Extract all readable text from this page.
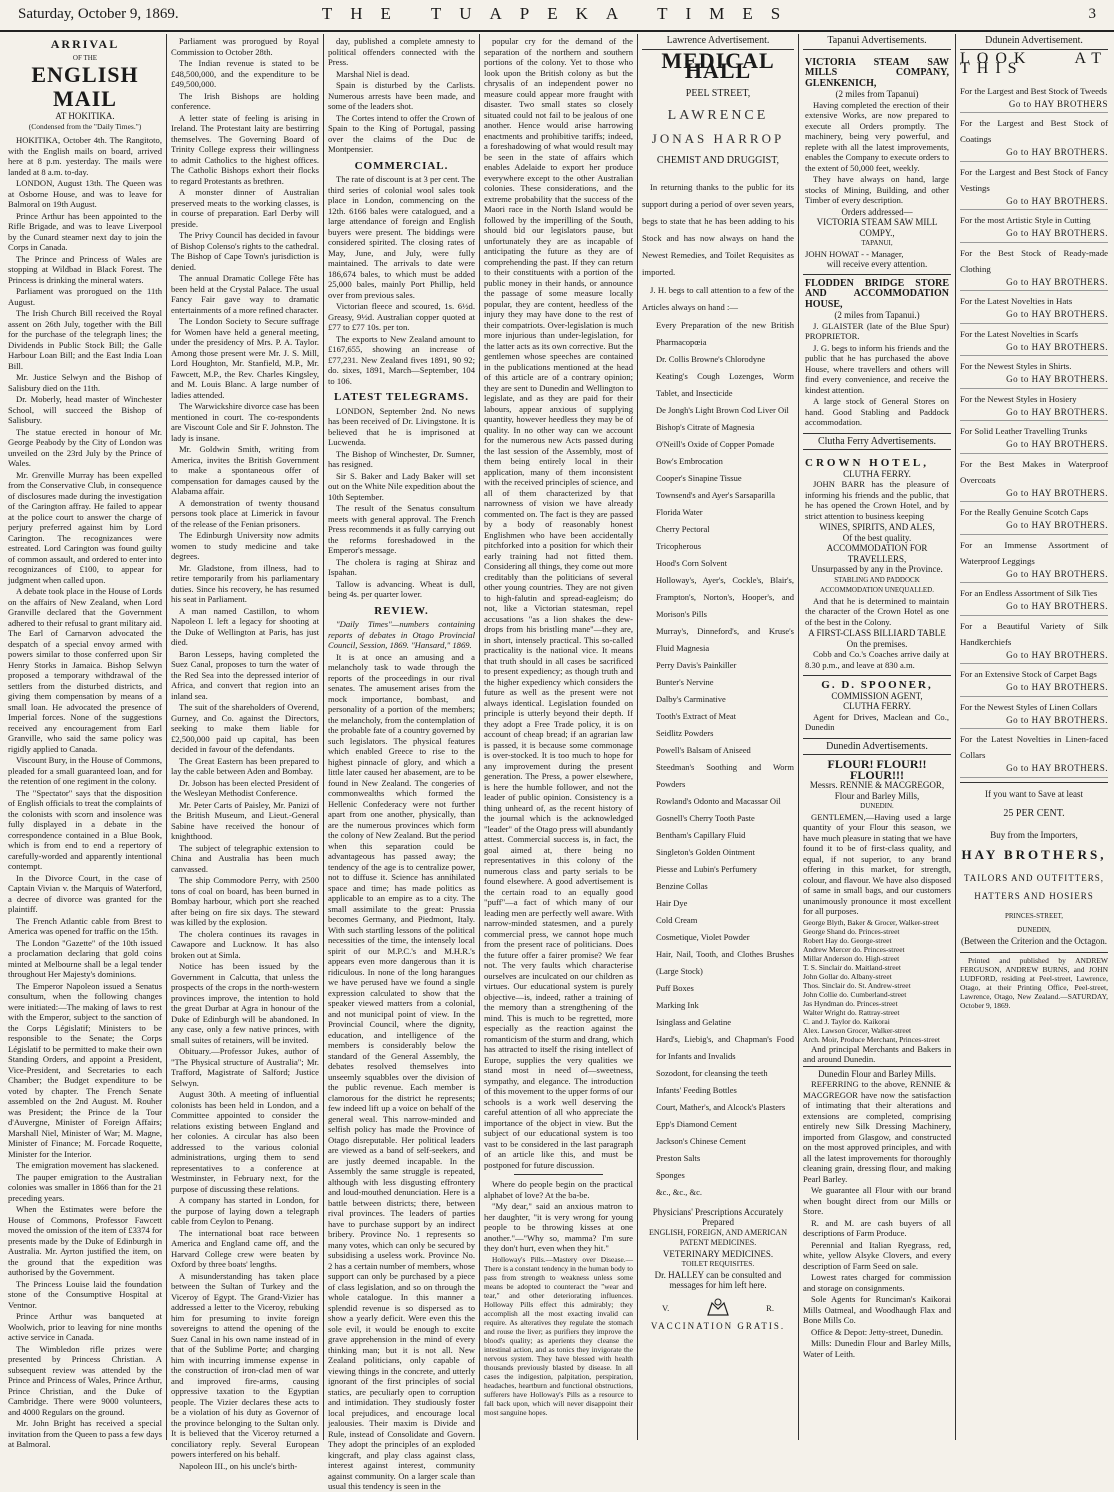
Saturday, October 9, 1869.	THE TUAPEKA TIMES	3
ARRIVAL
OF THE
ENGLISH MAIL
AT HOKITIKA.
(Condensed from the "Daily Times.")

HOKITIKA, October 4th. The Rangitoto, with the English mails on board, arrived here at 8 p.m. yesterday. The mails were landed at 8 a.m. to-day.

LONDON, August 13th. The Queen was at Osborne House, and was to leave for Balmoral on 19th August.

Prince Arthur has been appointed to the Rifle Brigade, and was to leave Liverpool by the Cunard steamer next day to join the Corps in Canada.

The Prince and Princess of Wales are stopping at Wildbad in Black Forest. The Princess is drinking the mineral waters.

Parliament was prorogued on the 11th August.

The Irish Church Bill received the Royal assent on 26th July, together with the Bill for the purchase of the telegraph lines; the Dividends in Public Stock Bill; the Galle Harbour Loan Bill; and the East India Loan Bill.

Mr. Justice Selwyn and the Bishop of Salisbury died on the 11th.

Dr. Moberly, head master of Winchester School, will succeed the Bishop of Salisbury.

The statue erected in honour of Mr. George Peabody by the City of London was unveiled on the 23rd July by the Prince of Wales.

Mr. Grenville Murray has been expelled from the Conservative Club, in consequence of disclosures made during the investigation of the Carington affray. He failed to appear at the police court to answer the charge of perjury preferred against him by Lord Carington. The recognizances were estreated. Lord Carington was found guilty of common assault, and ordered to enter into recognizances of £100, to appear for judgment when called upon.

A debate took place in the House of Lords on the affairs of New Zealand, when Lord Granville declared that the Government adhered to their refusal to grant military aid. The Earl of Carnarvon advocated the despatch of a special envoy armed with powers similar to those conferred upon Sir Henry Storks in Jamaica. Bishop Selwyn proposed a temporary withdrawal of the settlers from the disturbed districts, and giving them compensation by means of a small loan. He advocated the presence of Imperial forces. None of the suggestions received any encouragement from Earl Granville, who said the same policy was rigidly applied to Canada.

Viscount Bury, in the House of Commons, pleaded for a small guaranteed loan, and for the retention of one regiment in the colony.

The "Spectator" says that the disposition of English officials to treat the complaints of the colonists with scorn and insolence was fully displayed in a debate in the correspondence contained in a Blue Book, which is from end to end a repertory of carefully-worded and apparently intentional contempt.

In the Divorce Court, in the case of Captain Vivian v. the Marquis of Waterford, a decree of divorce was granted for the plaintiff.

The French Atlantic cable from Brest to America was opened for traffic on the 15th.

The London "Gazette" of the 10th issued a proclamation declaring that gold coins minted at Melbourne shall be a legal tender throughout Her Majesty's dominions.

The Emperor Napoleon issued a Senatus consultum, when the following changes were initiated:—The making of laws to rest with the Emperor, subject to the sanction of the Corps Législatif; Ministers to be responsible to the Senate; the Corps Législatif to be permitted to make their own Standing Orders, and appoint a President, Vice-President, and Secretaries to each Chamber; the Budget expenditure to be voted by chapter. The French Senate assembled on the 2nd August. M. Rouher was President; the Prince de la Tour d'Auvergne, Minister of Foreign Affairs; Marshall Niel, Minister of War; M. Magne, Minister of Finance; M. Forcade Roquette, Minister for the Interior.

The emigration movement has slackened.

The pauper emigration to the Australian colonies was smaller in 1866 than for the 21 preceding years.

When the Estimates were before the House of Commons, Professor Fawcett moved the omission of the item of £3374 for presents made by the Duke of Edinburgh in Australia. Mr. Ayrton justified the item, on the ground that the expedition was authorised by the Government.

The Princess Louise laid the foundation stone of the Consumptive Hospital at Ventnor.

Prince Arthur was banqueted at Woolwich, prior to leaving for nine months active service in Canada.

The Wimbledon rifle prizes were presented by Princess Christian. A subsequent review was attended by the Prince and Princess of Wales, Prince Arthur, Prince Christian, and the Duke of Cambridge. There were 9000 volunteers, and 4000 Regulars on the ground.

Mr. John Bright has received a special invitation from the Queen to pass a few days at Balmoral.

Parliament was prorogued by Royal Commission to October 28th.

The Indian revenue is stated to be £48,500,000, and the expenditure to be £49,500,000.

The Irish Bishops are holding conference.

A letter state of feeling is arising in Ireland. The Protestant laity are bestirring themselves. The Governing Board of Trinity College express their willingness to admit Catholics to the highest offices. The Catholic Bishops exhort their flocks to regard Protestants as brethren.

A monster dinner of Australian preserved meats to the working classes, is in course of preparation. Earl Derby will preside.

The Privy Council has decided in favour of Bishop Colenso's rights to the cathedral. The Bishop of Cape Town's jurisdiction is denied.

The annual Dramatic College Fête has been held at the Crystal Palace. The usual Fancy Fair gave way to dramatic entertainments of a more refined character.

The London Society to Secure suffrage for Women have held a general meeting, under the presidency of Mrs. P. A. Taylor. Among those present were Mr. J. S. Mill, Lord Houghton, Mr. Stanfield, M.P., Mr. Fawcett, M.P., the Rev. Charles Kingsley, and M. Louis Blanc. A large number of ladies attended.

The Warwickshire divorce case has been mentioned in court. The co-respondents are Viscount Cole and Sir F. Johnston. The lady is insane.

Mr. Goldwin Smith, writing from America, invites the British Government to make a spontaneous offer of compensation for damages caused by the Alabama affair.

A demonstration of twenty thousand persons took place at Limerick in favour of the release of the Fenian prisoners.

The Edinburgh University now admits women to study medicine and take degrees.

Mr. Gladstone, from illness, had to retire temporarily from his parliamentary duties. Since his recovery, he has resumed his seat in Parliament.

A man named Castillon, to whom Napoleon I. left a legacy for shooting at the Duke of Wellington at Paris, has just died.

Baron Lesseps, having completed the Suez Canal, proposes to turn the water of the Red Sea into the depressed interior of Africa, and convert that region into an inland sea.

The suit of the shareholders of Overend, Gurney, and Co. against the Directors, seeking to make them liable for £2,500,000 paid up capital, has been decided in favour of the defendants.

The Great Eastern has been prepared to lay the cable between Aden and Bombay.

Dr. Jobson has been elected President of the Wesleyan Methodist Conference.

Mr. Peter Carts of Paisley, Mr. Panizi of the British Museum, and Lieut.-General Sabine have received the honour of knighthood.

The subject of telegraphic extension to China and Australia has been much canvassed.

The ship Commodore Perry, with 2500 tons of coal on board, has been burned in Bombay harbour, which port she reached after being on fire six days. The steward was killed by the explosion.

The cholera continues its ravages in Cawapore and Lucknow. It has also broken out at Simla.

Notice has been issued by the Government in Calcutta, that unless the prospects of the crops in the north-western provinces improve, the intention to hold the great Durbar at Agra in honour of the Duke of Edinburgh will be abandoned. In any case, only a few native princes, with small suites of retainers, will be invited.

Obituary.—Professor Jukes, author of "The Physical structure of Australia"; Mr. Trafford, Magistrate of Salford; Justice Selwyn.

August 30th. A meeting of influential colonists has been held in London, and a Committee appointed to consider the relations existing between England and her colonies. A circular has also been addressed to the various colonial administrations, urging them to send representatives to a conference at Westminster, in February next, for the purpose of discussing these relations.

A company has started in London, for the purpose of laying down a telegraph cable from Ceylon to Penang.

The international boat race between America and England came off, and the Harvard College crew were beaten by Oxford by three boats' lengths.

A misunderstanding has taken place between the Sultan of Turkey and the Viceroy of Egypt. The Grand-Vizier has addressed a letter to the Viceroy, rebuking him for presuming to invite foreign sovereigns to attend the opening of the Suez Canal in his own name instead of in that of the Sublime Porte; and charging him with incurring immense expense in the construction of iron-clad men of war and improved fire-arms, causing oppressive taxation to the Egyptian people. The Vizier declares these acts to be a violation of his duty as Governor of the province belonging to the Sultan only. It is believed that the Viceroy returned a conciliatory reply. Several European powers interfered on his behalf.

Napoleon III., on his uncle's birth-

day, published a complete amnesty to political offenders connected with the Press.

Marshal Niel is dead.

Spain is disturbed by the Carlists. Numerous arrests have been made, and some of the leaders shot.

The Cortes intend to offer the Crown of Spain to the King of Portugal, passing over the claims of the Duc de Montpensier.

COMMERCIAL.

The rate of discount is at 3 per cent. The third series of colonial wool sales took place in London, commencing on the 12th. 6166 bales were catalogued, and a large attendance of foreign and English buyers were present. The biddings were considered spirited. The closing rates of May, June, and July, were fully maintained. The arrivals to date were 186,674 bales, to which must be added 25,000 bales, mainly Port Phillip, held over from previous sales.

Victorian fleece and scoured, 1s. 6½d. Greasy, 9½d. Australian copper quoted at £77 to £77 10s. per ton.

The exports to New Zealand amount to £167,655, showing an increase of £77,231. New Zealand fives 1891, 90 92; do. sixes, 1891, March—September, 104 to 106.

LATEST TELEGRAMS.

LONDON, September 2nd. No news has been received of Dr. Livingstone. It is believed that he is imprisoned at Lucwenda.

The Bishop of Winchester, Dr. Sumner, has resigned.

Sir S. Baker and Lady Baker will set out on the White Nile expedition about the 10th September.

The result of the Senatus consultum meets with general approval. The French Press recommends it as fully carrying out the reforms foreshadowed in the Emperor's message.

The cholera is raging at Shiraz and Ispahan.

Tallow is advancing. Wheat is dull, being 4s. per quarter lower.

REVIEW.

"Daily Times"—numbers containing reports of debates in Otago Provincial Council, Session, 1869. "Hansard," 1869.

It is at once an amusing and a melancholy task to wade through the reports of the proceedings in our rival senates. The amusement arises from the mock importance, bombast, and personality of a portion of the members; the melancholy, from the contemplation of the probable fate of a country governed by such legislators. The physical features which enabled Greece to rise to the highest pinnacle of glory, and which a little later caused her abasement, are to be found in New Zealand. The congeries of commonwealths which formed the Hellenic Confederacy were not further apart from one another, physically, than are the numerous provinces which form the colony of New Zealand. But the period when this separation could be advantageous has passed away; the tendency of the age is to centralize power, not to diffuse it. Science has annihilated space and time; has made politics as applicable to an empire as to a city. The small assimilate to the great: Prussia becomes Germany, and Piedmont, Italy. With such startling lessons of the political necessities of the time, the intensely local spirit of our M.P.C.'s and M.H.R.'s appears even more dangerous than it is ridiculous. In none of the long harangues we have perused have we found a single expression calculated to show that the speaker viewed matters from a colonial, and not municipal point of view. In the Provincial Council, where the dignity, education, and intelligence of the members is considerably below the standard of the General Assembly, the debates resolved themselves into unseemly squabbles over the division of the public revenue. Each member is clamorous for the district he represents; few indeed lift up a voice on behalf of the general weal. This narrow-minded and selfish policy has made the Province of Otago disreputable. Her political leaders are viewed as a band of self-seekers, and are justly deemed incapable. In the Assembly the same struggle is repeated, although with less disgusting effrontery and loud-mouthed denunciation. Here is a battle between districts; there, between rival provinces. The leaders of parties have to purchase support by an indirect bribery. Province No. 1 represents so many votes, which can only be secured by subsidising a useless work. Province No. 2 has a certain number of members, whose support can only be purchased by a piece of class legislation, and so on through the whole catalogue. In this manner a splendid revenue is so dispersed as to show a yearly deficit. Were even this the sole evil, it would be enough to excite grave apprehension in the mind of every thinking man; but it is not all. New Zealand politicians, only capable of viewing things in the concrete, and utterly ignorant of the first principles of social statics, are peculiarly open to corruption and intimidation. They studiously foster local prejudices, and encourage local jealousies. Their maxim is Divide and Rule, instead of Consolidate and Govern. They adopt the principles of an exploded kingcraft, and play class against class, interest against interest, community against community. On a larger scale than usual this tendency is seen in the

popular cry for the demand of the separation of the northern and southern portions of the colony. Yet to those who look upon the British colony as but the chrysalis of an independent power no measure could appear more fraught with disaster. Two small states so closely situated could not fail to be jealous of one another. Hence would arise harrowing enactments and prohibitive tariffs; indeed, a foreshadowing of what would result may be seen in the state of affairs which enables Adelaide to export her produce everywhere except to the other Australian colonies. These considerations, and the extreme probability that the success of the Maori race in the North Island would be followed by the imperilling of the South, should bid our legislators pause, but unfortunately they are as incapable of anticipating the future as they are of comprehending the past. If they can return to their constituents with a portion of the public money in their hands, or announce the passage of some measure locally popular, they are content, heedless of the injury they may have done to the rest of their compatriots. Over-legislation is much more injurious than under-legislation, for the latter acts as its own corrective. But the gentlemen whose speeches are contained in the publications mentioned at the head of this article are of a contrary opinion; they are sent to Dunedin and Wellington to legislate, and as they are paid for their labours, appear anxious of supplying quantity, however heedless they may be of quality. In no other way can we account for the numerous new Acts passed during the last session of the Assembly, most of them being entirely local in their application, many of them inconsistent with the received principles of science, and all of them characterized by that narrowness of vision we have already commented on. The fact is they are passed by a body of reasonably honest Englishmen who have been accidentally pitchforked into a position for which their early training had not fitted them. Considering all things, they come out more creditably than the politicians of several other young countries. They are not given to high-falutin and spread-eagleism; do not, like a Victorian statesman, repel accusations "as a lion shakes the dew-drops from his bristling mane"—they are, in short, intensely practical. This so-called practicality is the national vice. It means that truth should in all cases be sacrificed to present expediency; as though truth and the higher expediency which considers the future as well as the present were not always identical. Legislation founded on principle is utterly beyond their depth. If they adopt a Free Trade policy, it is on account of cheap bread; if an agrarian law is passed, it is because some commonage is over-stocked. It is too much to hope for any improvement during the present generation. The Press, a power elsewhere, is here the humble follower, and not the leader of public opinion. Consistency is a thing unheard of, as the recent history of the journal which is the acknowledged "leader" of the Otago press will abundantly attest. Commercial success is, in fact, the goal aimed at, there being no representatives in this colony of the numerous class and party serials to be found elsewhere. A good advertisement is the certain road to an equally good "puff"—a fact of which many of our leading men are perfectly well aware. With narrow-minded statesmen, and a purely commercial press, we cannot hope much from the present race of politicians. Does the future offer a fairer promise? We fear not. The very faults which characterise ourselves are inculcated on our children as virtues. Our educational system is purely objective—is, indeed, rather a training of the memory than a strengthening of the mind. This is much to be regretted, more especially as the reaction against the romanticism of the sturm and drang, which has attracted to itself the rising intellect of Europe, supplies the very qualities we stand most in need of—sweetness, sympathy, and elegance. The introduction of this movement to the upper forms of our schools is a work well deserving the careful attention of all who appreciate the importance of the object in view. But the subject of our educational system is too vast to be considered in the last paragraph of an article like this, and must be postponed for future discussion.

Where do people begin on the practical alphabet of love? At the ba-be.

"My dear," said an anxious matron to her daughter, "it is very wrong for young people to be throwing kisses at one another."—"Why so, mamma? I'm sure they don't hurt, even when they hit."

Holloway's Pills.—Mastery over Disease.—There is a constant tendency in the human body to pass from strength to weakness unless some means be adopted to counteract the "wear and tear," and other deteriorating influences. Holloway Pills effect this admirably; they accomplish all the most exacting invalid can require. As alteratives they regulate the stomach and rouse the liver; as purifiers they improve the blood's quality; as aperients they cleanse the intestinal action, and as tonics they invigorate the nervous system. They have blessed with health thousands previously blasted by disease. In all cases the indigestion, palpitation, perspiration, headaches, heartburn and functional obstructions, sufferers have Holloway's Pills as a resource to fall back upon, which will never disappoint their most sanguine hopes.

Lawrence Advertisement.
MEDICAL HALL
PEEL STREET,
LAWRENCE
JONAS HARROP
CHEMIST AND DRUGGIST,

In returning thanks to the public for its support during a period of over seven years, begs to state that he has been adding to his Stock and has now always on hand the Newest Remedies, and Toilet Requisites as imported.

J. H. begs to call attention to a few of the Articles always on hand :—

Every Preparation of the new British Pharmacopœia
Dr. Collis Browne's Chlorodyne
Keating's Cough Lozenges, Worm Tablet, and Insecticide
De Jongh's Light Brown Cod Liver Oil
Bishop's Citrate of Magnesia
O'Neill's Oxide of Copper Pomade
Bow's Embrocation
Cooper's Sinapine Tissue
Townsend's and Ayer's Sarsaparilla
Florida Water
Cherry Pectoral
Tricopherous
Hood's Corn Solvent
Holloway's, Ayer's, Cockle's, Blair's, Frampton's, Norton's, Hooper's, and Morison's Pills
Murray's, Dinneford's, and Kruse's Fluid Magnesia
Perry Davis's Painkiller
Bunter's Nervine
Dalby's Carminative
Tooth's Extract of Meat
Seidlitz Powders
Powell's Balsam of Aniseed
Steedman's Soothing and Worm Powders
Rowland's Odonto and Macassar Oil
Gosnell's Cherry Tooth Paste
Bentham's Capillary Fluid
Singleton's Golden Ointment
Piesse and Lubin's Perfumery
Benzine Collas
Hair Dye
Cold Cream
Cosmetique, Violet Powder
Hair, Nail, Tooth, and Clothes Brushes (Large Stock)
Puff Boxes
Marking Ink
Isinglass and Gelatine
Hard's, Liebig's, and Chapman's Food for Infants and Invalids
Sozodont, for cleansing the teeth
Infants' Feeding Bottles
Court, Mather's, and Alcock's Plasters
Epp's Diamond Cement
Jackson's Chinese Cement
Preston Salts
Sponges
&c., &c., &c.
Physicians' Prescriptions Accurately Prepared
ENGLISH, FOREIGN, AND AMERICAN PATENT MEDICINES.
VETERINARY MEDICINES.
TOILET REQUISITES.
Dr. HALLEY can be consulted and messages for him left here.
V.	R.
VACCINATION GRATIS.
Tapanui Advertisements.
VICTORIA STEAM SAW MILLS COMPANY, GLENKENICH,
(2 miles from Tapanui)

Having completed the erection of their extensive Works, are now prepared to execute all Orders promptly. The machinery, being very powerful, and replete with all the latest improvements, enables the Company to execute orders to the extent of 50,000 feet, weekly.

They have always on hand, large stocks of Mining, Building, and other Timber of every description.

Orders addressed—
VICTORIA STEAM SAW MILL COMPY.,
TAPANUI,
JOHN HOWAT - - Manager,
will receive every attention.
FLODDEN BRIDGE STORE AND ACCOMMODATION HOUSE,
(2 miles from Tapanui.)

J. GLAISTER (late of the Blue Spur) PROPRIETOR.

J. G. begs to inform his friends and the public that he has purchased the above House, where travellers and others will find every convenience, and receive the kindest attention.

A large stock of General Stores on hand. Good Stabling and Paddock accommodation.

Clutha Ferry Advertisements.
CROWN HOTEL,
CLUTHA FERRY.

JOHN BARR has the pleasure of informing his friends and the public, that he has opened the Crown Hotel, and by strict attention to business keeping

WINES, SPIRITS, AND ALES,
Of the best quality.
ACCOMMODATION FOR TRAVELLERS,
Unsurpassed by any in the Province.
STABLING AND PADDOCK ACCOMMODATION UNEQUALLED.

And that he is determined to maintain the character of the Crown Hotel as one of the best in the Colony.

A FIRST-CLASS BILLIARD TABLE
On the premises.

Cobb and Co.'s Coaches arrive daily at 8.30 p.m., and leave at 830 a.m.

G. D. SPOONER,
COMMISSION AGENT,
CLUTHA FERRY.

Agent for Drives, Maclean and Co., Dunedin

Dunedin Advertisements.
FLOUR! FLOUR!! FLOUR!!!
Messrs. RENNIE & MACGREGOR, Flour and Barley Mills,
DUNEDIN.

GENTLEMEN,—Having used a large quantity of your Flour this season, we have much pleasure in stating that we have found it to be of first-class quality, and equal, if not superior, to any brand offering in this market, for strength, colour, and flavour. We have also disposed of same in small bags, and our customers unanimously pronounce it most excellent for all purposes.

George Blyth, Baker & Grocer, Walker-street
George Shand do. Princes-street
Robert Hay do. George-street
Andrew Mercer do. Princes-street
Millar Anderson do. High-street
T. S. Sinclair do. Maitland-street
John Gollar do. Albany-street
Thos. Sinclair do. St. Andrew-street
John Collie do. Cumberland-street
Jas Hyndman do. Princes-street
Walter Wright do. Rattray-street
C. and J. Taylor do. Kaikorai
Alex. Lawson Grocer, Walker-street
Arch. Moir, Produce Merchant, Princes-street

And principal Merchants and Bakers in and around Dunedin.

Dunedin Flour and Barley Mills.

REFERRING to the above, RENNIE & MACGREGOR have now the satisfaction of intimating that their alterations and extensions are completed, comprising entirely new Silk Dressing Machinery, imported from Glasgow, and constructed on the most approved principles, and with all the latest improvements for thoroughly cleaning grain, dressing flour, and making Pearl Barley.

We guarantee all Flour with our brand when bought direct from our Mills or Store.

R. and M. are cash buyers of all descriptions of Farm Produce.

Perennial and Italian Ryegrass, red, white, yellow Alsyke Clovers, and every description of Farm Seed on sale.

Lowest rates charged for commission and storage on consignments.

Sole Agents for Runciman's Kaikorai Mills Oatmeal, and Woodhaugh Flax and Bone Mills Co.

Office & Depot: Jetty-street, Dunedin.

Mills: Dunedin Flour and Barley Mills, Water of Leith.

Ddunein Advertisement.
LOOK AT THIS
For the Largest and Best Stock of Tweeds
Go to HAY BROTHERS
For the Largest and Best Stock of Coatings
Go to HAY BROTHERS.
For the Largest and Best Stock of Fancy Vestings
Go to HAY BROTHERS.
For the most Artistic Style in Cutting
Go to HAY BROTHERS.
For the Best Stock of Ready-made Clothing
Go to HAY BROTHERS.
For the Latest Novelties in Hats
Go to HAY BROTHERS.
For the Latest Novelties in Scarfs
Go to HAY BROTHERS.
For the Newest Styles in Shirts.
Go to HAY BROTHERS.
For the Newest Styles in Hosiery
Go to HAY BROTHERS.
For Solid Leather Travelling Trunks
Go to HAY BROTHERS.
For the Best Makes in Waterproof Overcoats
Go to HAY BROTHERS.
For the Really Genuine Scotch Caps
Go to HAY BROTHERS.
For an Immense Assortment of Waterproof Leggings
Go to HAY BROTHERS.
For an Endless Assortment of Silk Ties
Go to HAY BROTHERS.
For a Beautiful Variety of Silk Handkerchiefs
Go to HAY BROTHERS.
For an Extensive Stock of Carpet Bags
Go to HAY BROTHERS.
For the Newest Styles of Linen Collars
Go to HAY BROTHERS.
For the Latest Novelties in Linen-faced Collars
Go to HAY BROTHERS.
If you want to Save at least
25 PER CENT.
Buy from the Importers,
HAY BROTHERS,
TAILORS AND OUTFITTERS, HATTERS AND HOSIERS
PRINCES-STREET,
DUNEDIN,
(Between the Criterion and the Octagon.

Printed and published by ANDREW FERGUSON, ANDREW BURNS, and JOHN LUDFORD, residing at Peel-street, Lawrence, Otago, at their Printing Office, Peel-street, Lawrence, Otago, New Zealand.—SATURDAY, October 9, 1869.
